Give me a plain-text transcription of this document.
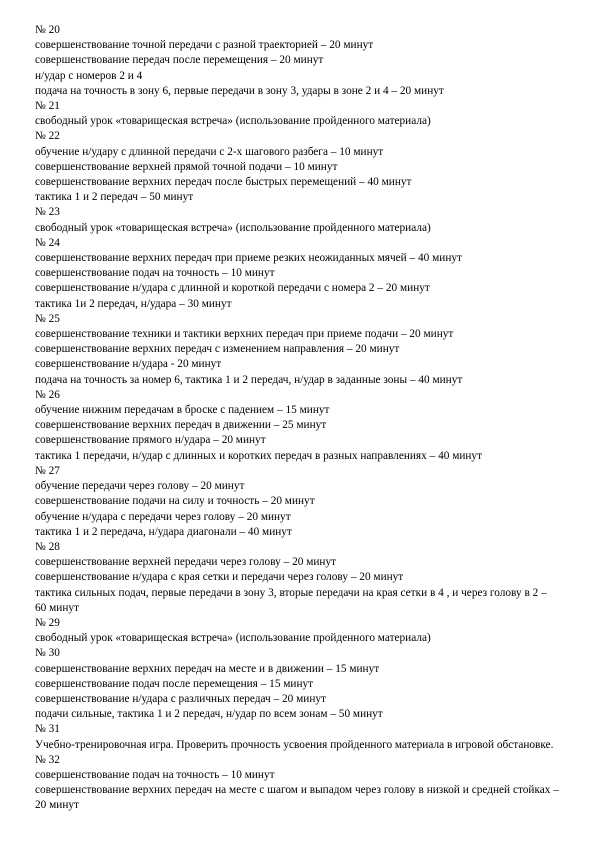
№ 20
совершенствование точной передачи с разной траекторией – 20 минут
совершенствование передач после перемещения – 20 минут
н/удар с номеров 2 и 4
подача на точность в зону 6, первые передачи в зону 3, удары в зоне 2 и 4 – 20 минут
№ 21
свободный урок «товарищеская встреча» (использование пройденного материала)
№ 22
обучение н/удару с длинной передачи с 2-х шагового разбега – 10 минут
совершенствование верхней прямой точной подачи – 10 минут
совершенствование верхних передач после быстрых перемещений – 40 минут
тактика 1 и 2 передач – 50 минут
№ 23
свободный урок «товарищеская встреча» (использование пройденного материала)
№ 24
совершенствование верхних передач при приеме резких неожиданных мячей – 40 минут
совершенствование подач на точность – 10 минут
совершенствование н/удара с длинной и короткой передачи с номера 2 – 20 минут
тактика 1и 2 передач, н/удара – 30 минут
№ 25
совершенствование техники и тактики верхних передач при приеме подачи – 20 минут
совершенствование верхних передач с изменением направления – 20 минут
совершенствование н/удара - 20 минут
подача на точность за номер 6, тактика 1 и 2 передач, н/удар в заданные зоны – 40 минут
№ 26
обучение нижним передачам в броске с падением – 15 минут
совершенствование верхних передач в движении – 25 минут
совершенствование прямого н/удара – 20 минут
тактика 1 передачи, н/удар с длинных и коротких передач в разных направлениях – 40 минут
№ 27
обучение передачи через голову – 20 минут
совершенствование подачи на силу и точность – 20 минут
обучение н/удара с передачи через голову – 20 минут
тактика 1 и 2 передача, н/удара диагонали – 40 минут
№ 28
совершенствование верхней передачи через голову – 20 минут
совершенствование н/удара с края сетки и передачи через голову – 20 минут
тактика сильных подач, первые передачи в зону 3, вторые передачи на края сетки в 4 , и через голову в 2 – 60 минут
№ 29
свободный урок «товарищеская встреча» (использование пройденного материала)
№ 30
совершенствование верхних передач на месте и в движении – 15 минут
совершенствование подач после перемещения – 15 минут
совершенствование н/удара с различных передач – 20 минут
подачи сильные, тактика 1 и 2 передач, н/удар по всем зонам – 50 минут
№ 31
Учебно-тренировочная игра. Проверить прочность усвоения пройденного материала в игровой обстановке.
№ 32
совершенствование подач на точность – 10 минут
совершенствование верхних передач на месте с шагом и выпадом через голову в низкой и средней стойках – 20 минут
